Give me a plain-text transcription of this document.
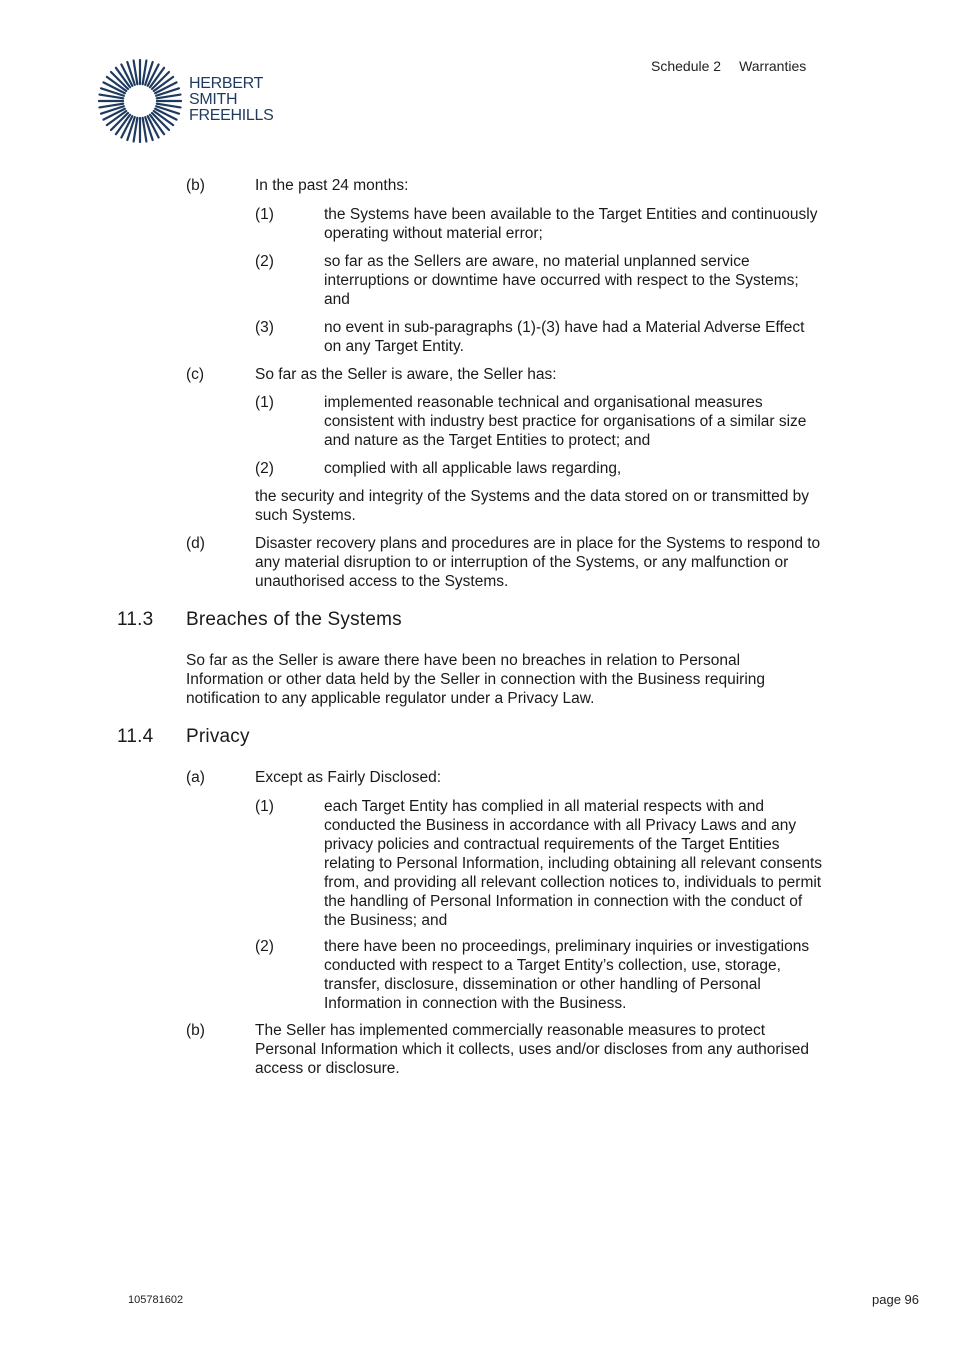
HERBERT
SMITH
FREEHILLS
Schedule 2 Warranties
(b)	In the past 24 months:
(1)	the Systems have been available to the Target Entities and continuously
operating without material error;
(2)	so far as the Sellers are aware, no material unplanned service
interruptions or downtime have occurred with respect to the Systems;
and
(3)	no event in sub-paragraphs (1)-(3) have had a Material Adverse Effect
on any Target Entity.
(c)	So far as the Seller is aware, the Seller has:
(1)	implemented reasonable technical and organisational measures
consistent with industry best practice for organisations of a similar size
and nature as the Target Entities to protect; and
(2)	complied with all applicable laws regarding,
the security and integrity of the Systems and the data stored on or transmitted by
such Systems.
(d)	Disaster recovery plans and procedures are in place for the Systems to respond to
any material disruption to or interruption of the Systems, or any malfunction or
unauthorised access to the Systems.
11.3 Breaches of the Systems
So far as the Seller is aware there have been no breaches in relation to Personal
Information or other data held by the Seller in connection with the Business requiring
notification to any applicable regulator under a Privacy Law.
11.4 Privacy
(a)	Except as Fairly Disclosed:
(1)	each Target Entity has complied in all material respects with and
conducted the Business in accordance with all Privacy Laws and any
privacy policies and contractual requirements of the Target Entities
relating to Personal Information, including obtaining all relevant consents
from, and providing all relevant collection notices to, individuals to permit
the handling of Personal Information in connection with the conduct of
the Business; and
(2)	there have been no proceedings, preliminary inquiries or investigations
conducted with respect to a Target Entity’s collection, use, storage,
transfer, disclosure, dissemination or other handling of Personal
Information in connection with the Business.
(b)	The Seller has implemented commercially reasonable measures to protect
Personal Information which it collects, uses and/or discloses from any authorised
access or disclosure.
105781602	page 96
